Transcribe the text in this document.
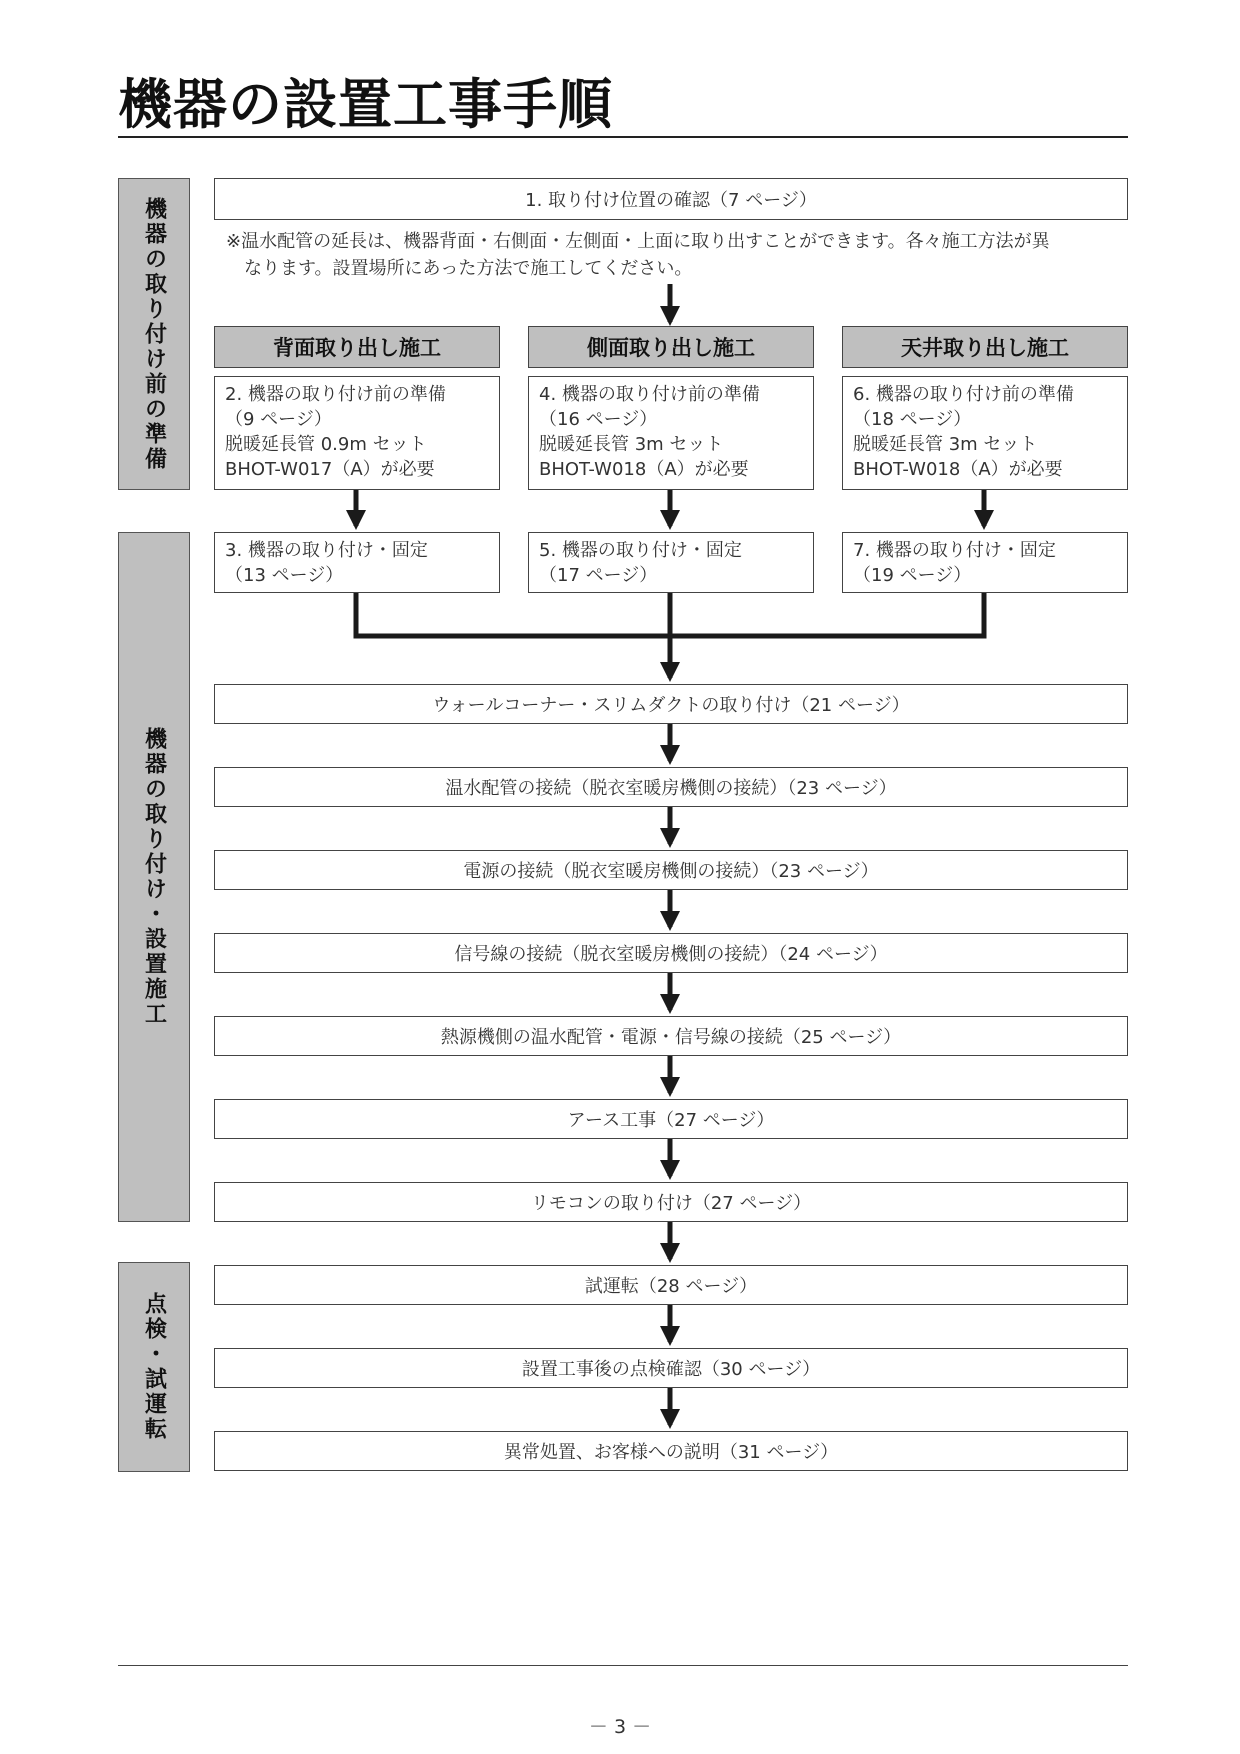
機器の設置工事手順
機器の取り付け前の準備
機器の取り付け・設置施工
点検・試運転
1. 取り付け位置の確認（7 ページ）
※温水配管の延長は、機器背面・右側面・左側面・上面に取り出すことができます。各々施工方法が異
なります。設置場所にあった方法で施工してください。
背面取り出し施工	側面取り出し施工	天井取り出し施工
2. 機器の取り付け前の準備
（9 ページ）
脱暖延長管 0.9m セット
BHOT-W017（A）が必要
4. 機器の取り付け前の準備
（16 ページ）
脱暖延長管 3m セット
BHOT-W018（A）が必要
6. 機器の取り付け前の準備
（18 ページ）
脱暖延長管 3m セット
BHOT-W018（A）が必要
3. 機器の取り付け・固定
（13 ページ）
5. 機器の取り付け・固定
（17 ページ）
7. 機器の取り付け・固定
（19 ページ）
ウォールコーナー・スリムダクトの取り付け（21 ページ）
温水配管の接続（脱衣室暖房機側の接続）（23 ページ）
電源の接続（脱衣室暖房機側の接続）（23 ページ）
信号線の接続（脱衣室暖房機側の接続）（24 ページ）
熱源機側の温水配管・電源・信号線の接続（25 ページ）
アース工事（27 ページ）
リモコンの取り付け（27 ページ）
試運転（28 ページ）
設置工事後の点検確認（30 ページ）
異常処置、お客様への説明（31 ページ）
－ 3 －
